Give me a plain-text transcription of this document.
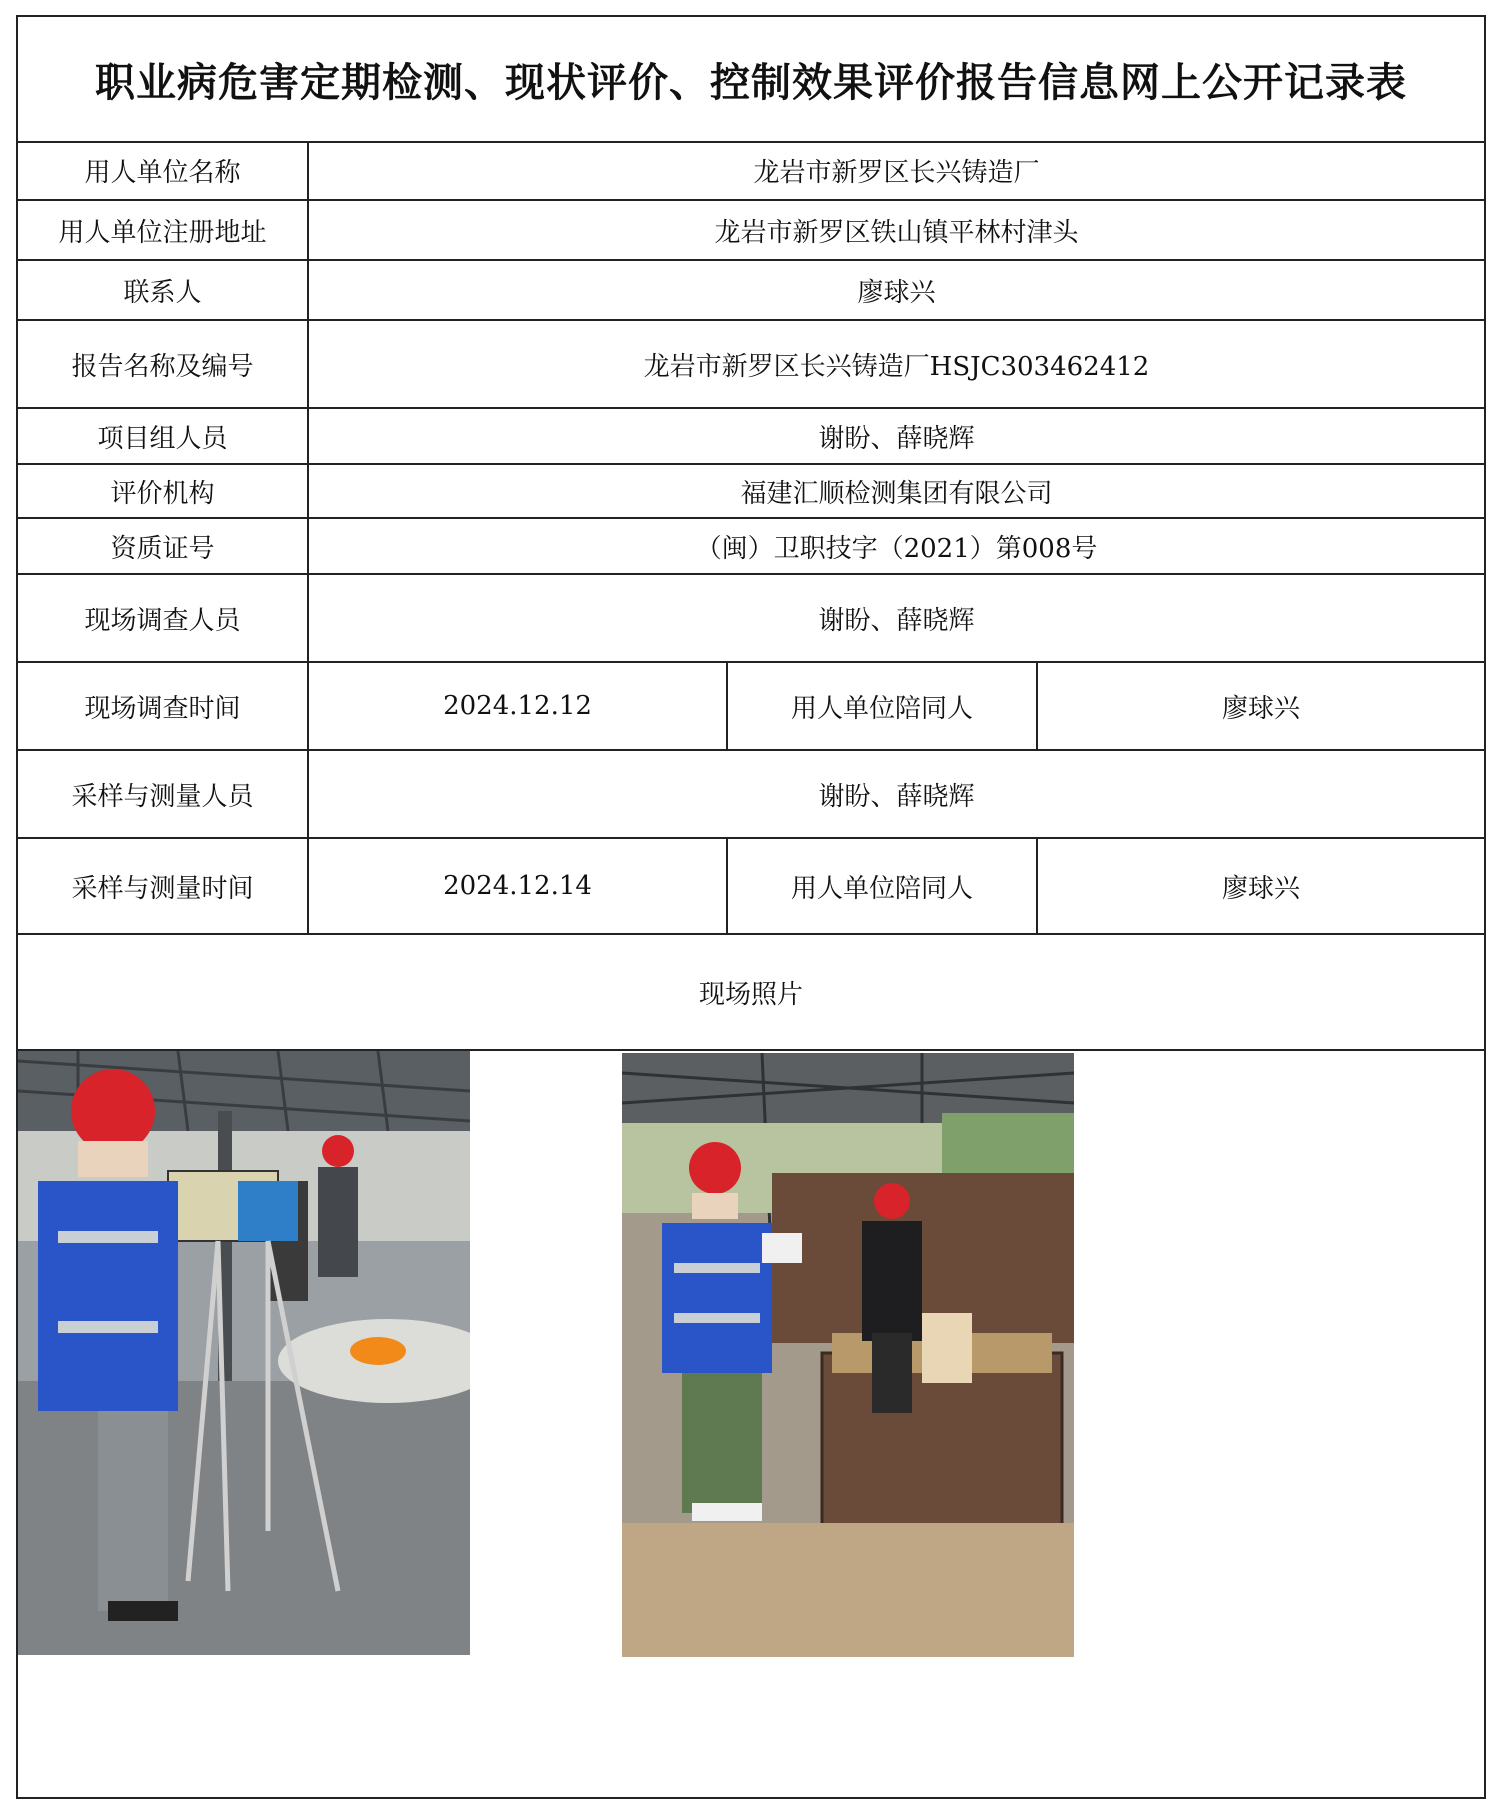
职业病危害定期检测、现状评价、控制效果评价报告信息网上公开记录表
用人单位名称	龙岩市新罗区长兴铸造厂
用人单位注册地址	龙岩市新罗区铁山镇平林村津头
联系人	廖球兴
报告名称及编号	龙岩市新罗区长兴铸造厂HSJC303462412
项目组人员	谢盼、薛晓辉
评价机构	福建汇顺检测集团有限公司
资质证号	（闽）卫职技字（2021）第008号
现场调查人员	谢盼、薛晓辉
现场调查时间	2024.12.12	用人单位陪同人	廖球兴
采样与测量人员	谢盼、薛晓辉
采样与测量时间	2024.12.14	用人单位陪同人	廖球兴
现场照片
